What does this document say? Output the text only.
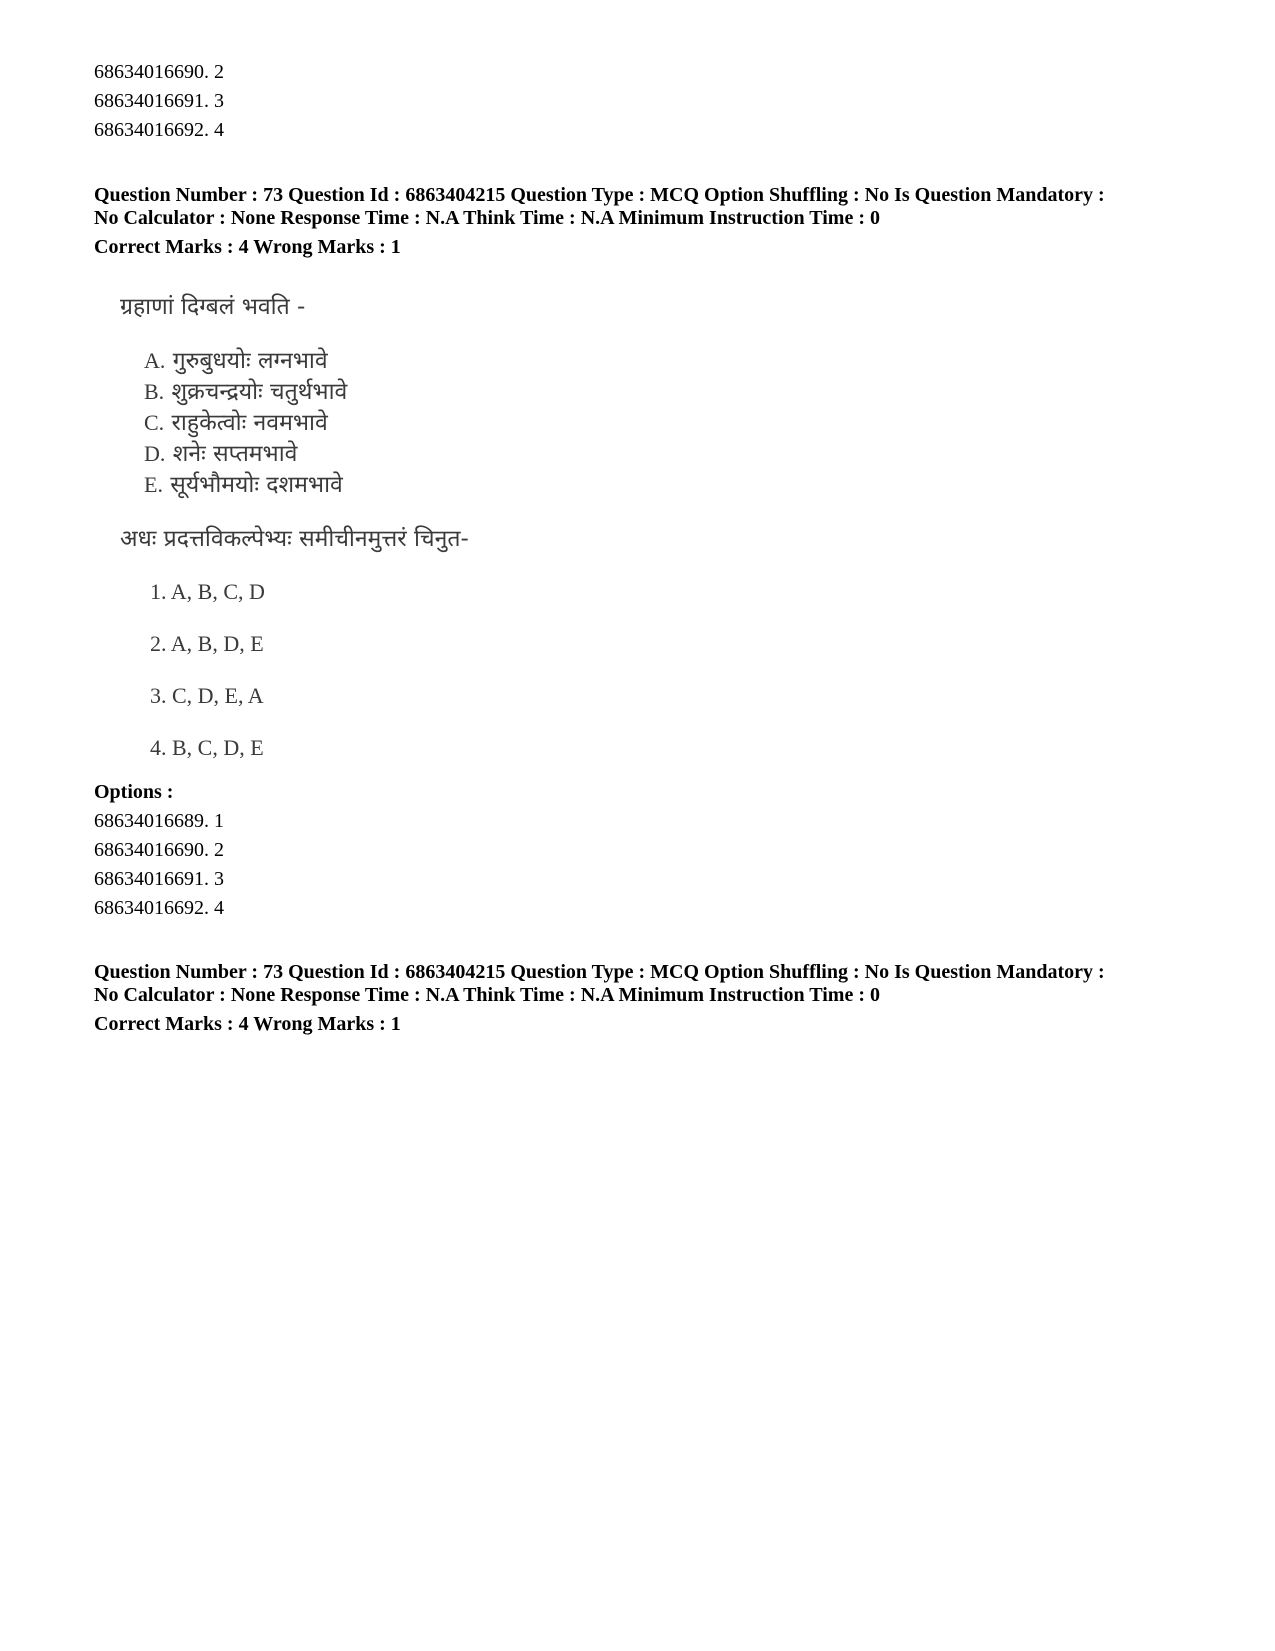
68634016690. 2
68634016691. 3
68634016692. 4
Question Number : 73 Question Id : 6863404215 Question Type : MCQ Option Shuffling : No Is Question Mandatory :
No Calculator : None Response Time : N.A Think Time : N.A Minimum Instruction Time : 0
Correct Marks : 4 Wrong Marks : 1
ग्रहाणां दिग्बलं भवति -
A. गुरुबुधयोः लग्नभावे
B. शुक्रचन्द्रयोः चतुर्थभावे
C. राहुकेत्वोः नवमभावे
D. शनेः सप्तमभावे
E. सूर्यभौमयोः दशमभावे
अधः प्रदत्तविकल्पेभ्यः समीचीनमुत्तरं चिनुत-
1. A, B, C, D
2. A, B, D, E
3. C, D, E, A
4. B, C, D, E
Options :
68634016689. 1
68634016690. 2
68634016691. 3
68634016692. 4
Question Number : 73 Question Id : 6863404215 Question Type : MCQ Option Shuffling : No Is Question Mandatory :
No Calculator : None Response Time : N.A Think Time : N.A Minimum Instruction Time : 0
Correct Marks : 4 Wrong Marks : 1
